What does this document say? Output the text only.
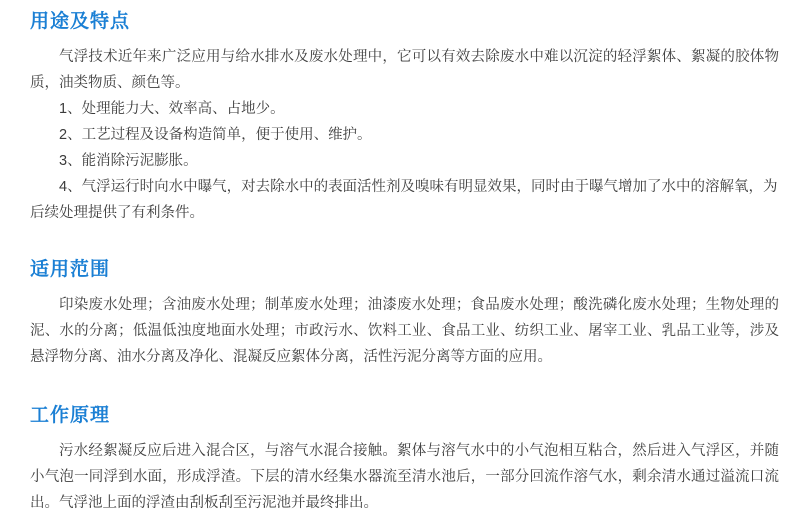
用途及特点

气浮技术近年来广泛应用与给水排水及废水处理中，它可以有效去除废水中难以沉淀的轻浮絮体、絮凝的胶体物质，油类物质、颜色等。

1、处理能力大、效率高、占地少。
2、工艺过程及设备构造简单，便于使用、维护。
3、能消除污泥膨胀。
4、气浮运行时向水中曝气，对去除水中的表面活性剂及嗅味有明显效果，同时由于曝气增加了水中的溶解氧，为后续处理提供了有利条件。
适用范围

印染废水处理；含油废水处理；制革废水处理；油漆废水处理；食品废水处理；酸洗磷化废水处理；生物处理的泥、水的分离；低温低浊度地面水处理；市政污水、饮料工业、食品工业、纺织工业、屠宰工业、乳品工业等，涉及悬浮物分离、油水分离及净化、混凝反应絮体分离，活性污泥分离等方面的应用。

工作原理

污水经絮凝反应后进入混合区，与溶气水混合接触。絮体与溶气水中的小气泡相互粘合，然后进入气浮区，并随小气泡一同浮到水面，形成浮渣。下层的清水经集水器流至清水池后，一部分回流作溶气水，剩余清水通过溢流口流出。气浮池上面的浮渣由刮板刮至污泥池并最终排出。
